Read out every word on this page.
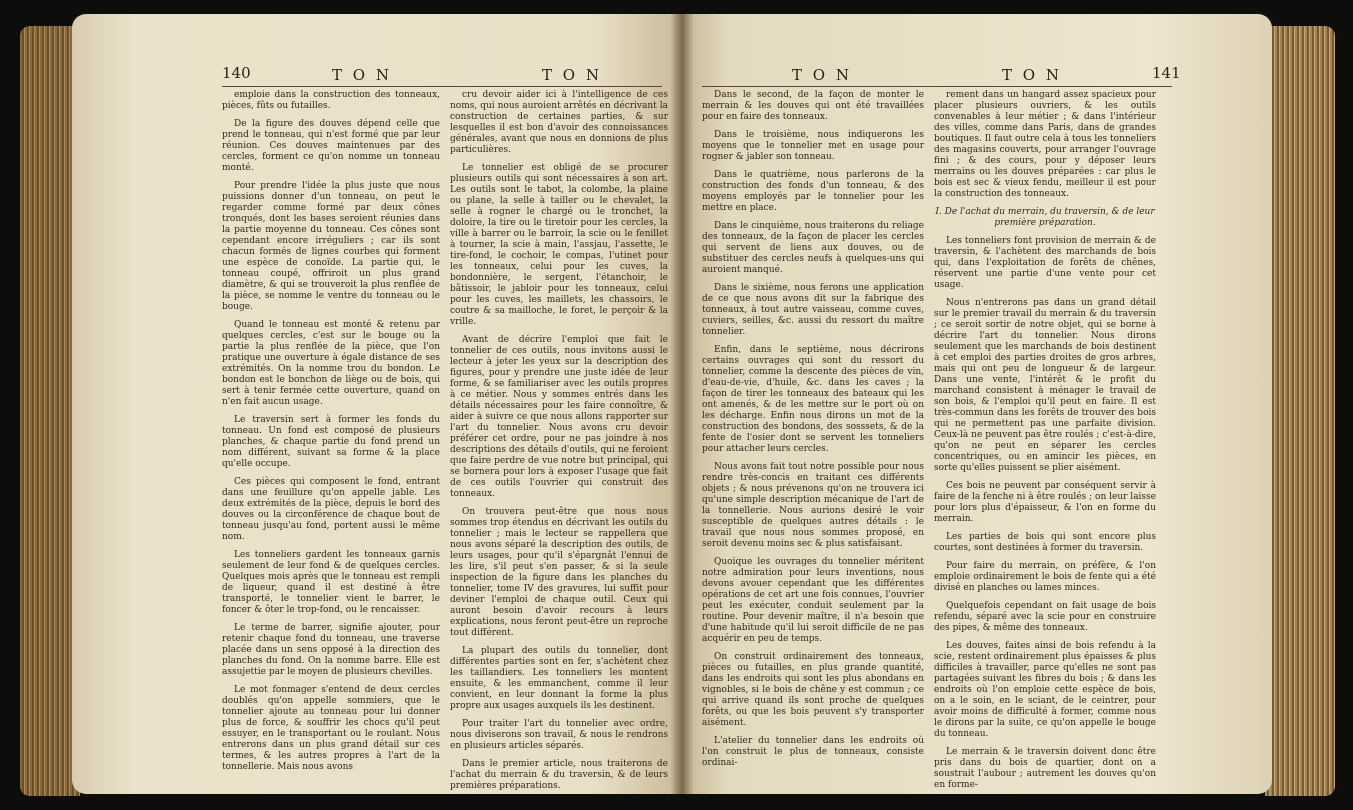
140	T O N	T O N

emploie dans la construction des tonneaux, pièces, fûts ou futailles.

De la figure des douves dépend celle que prend le tonneau, qui n'est formé que par leur réunion. Ces douves maintenues par des cercles, forment ce qu'on nomme un tonneau monté.

Pour prendre l'idée la plus juste que nous puissions donner d'un tonneau, on peut le regarder comme formé par deux cônes tronqués, dont les bases seroient réunies dans la partie moyenne du tonneau. Ces cônes sont cependant encore irréguliers ; car ils sont chacun formés de lignes courbes qui forment une espèce de conoïde. La partie qui, le tonneau coupé, offriroit un plus grand diamètre, & qui se trouveroit la plus renflée de la pièce, se nomme le ventre du tonneau ou le bouge.

Quand le tonneau est monté & retenu par quelques cercles, c'est sur le bouge ou la partie la plus renflée de la pièce, que l'on pratique une ouverture à égale distance de ses extrémités. On la nomme trou du bondon. Le bondon est le bonchon de liège ou de bois, qui sert à tenir fermée cette ouverture, quand on n'en fait aucun usage.

Le traversin sert à former les fonds du tonneau. Un fond est composé de plusieurs planches, & chaque partie du fond prend un nom différent, suivant sa forme & la place qu'elle occupe.

Ces pièces qui composent le fond, entrant dans une feuillure qu'on appelle jable. Les deux extrémités de la pièce, depuis le bord des douves ou la circonférence de chaque bout de tonneau jusqu'au fond, portent aussi le même nom.

Les tonneliers gardent les tonneaux garnis seulement de leur fond & de quelques cercles. Quelques mois après que le tonneau est rempli de liqueur, quand il est destiné à être transporté, le tonnelier vient le barrer, le foncer & ôter le trop-fond, ou le rencaisser.

Le terme de barrer, signifie ajouter, pour retenir chaque fond du tonneau, une traverse placée dans un sens opposé à la direction des planches du fond. On la nomme barre. Elle est assujettie par le moyen de plusieurs chevilles.

Le mot fonmager s'entend de deux cercles doublés qu'on appelle sommiers, que le tonnelier ajoute au tonneau pour lui donner plus de force, & souffrir les chocs qu'il peut essuyer, en le transportant ou le roulant. Nous entrerons dans un plus grand détail sur ces termes, & les autres propres à l'art de la tonnellerie. Mais nous avons

cru devoir aider ici à l'intelligence de ces noms, qui nous auroient arrêtés en décrivant la construction de certaines parties, & sur lesquelles il est bon d'avoir des connoissances générales, avant que nous en donnions de plus particulières.

Le tonnelier est obligé de se procurer plusieurs outils qui sont nécessaires à son art. Les outils sont le tabot, la colombe, la plaine ou plane, la selle à tailler ou le chevalet, la selle à rogner le chargé ou le tronchet, la doloire, la tire ou le tiretoir pour les cercles, la ville à barrer ou le barroir, la scie ou le fenillet à tourner, la scie à main, l'assjau, l'assette, le tire-fond, le cochoir, le compas, l'utinet pour les tonneaux, celui pour les cuves, la bondonnière, le sergent, l'étanchoir, le bâtissoir, le jabloir pour les tonneaux, celui pour les cuves, les maillets, les chassoirs, le coutre & sa mailloche, le foret, le perçoir & la vrille.

Avant de décrire l'emploi que fait le tonnelier de ces outils, nous invitons aussi le lecteur à jeter les yeux sur la description des figures, pour y prendre une juste idée de leur forme, & se familiariser avec les outils propres à ce métier. Nous y sommes entrés dans les détails nécessaires pour les faire connoître, & aider à suivre ce que nous allons rapporter sur l'art du tonnelier. Nous avons cru devoir préférer cet ordre, pour ne pas joindre à nos descriptions des détails d'outils, qui ne feroient que faire perdre de vue notre but principal, qui se bornera pour lors à exposer l'usage que fait de ces outils l'ouvrier qui construit des tonneaux.

On trouvera peut-être que nous nous sommes trop étendus en décrivant les outils du tonnelier ; mais le lecteur se rappellera que nous avons séparé la description des outils, de leurs usages, pour qu'il s'épargnât l'ennui de les lire, s'il peut s'en passer, & si la seule inspection de la figure dans les planches du tonnelier, tome IV des gravures, lui suffit pour deviner l'emploi de chaque outil. Ceux qui auront besoin d'avoir recours à leurs explications, nous feront peut-être un reproche tout différent.

La plupart des outils du tonnelier, dont différentes parties sont en fer, s'achètent chez les taillandiers. Les tonneliers les montent ensuite, & les emmanchent, comme il leur convient, en leur donnant la forme la plus propre aux usages auxquels ils les destinent.

Pour traiter l'art du tonnelier avec ordre, nous diviserons son travail, & nous le rendrons en plusieurs articles séparés.

Dans le premier article, nous traiterons de l'achat du merrain & du traversin, & de leurs premières préparations.

T O N	T O N	141

Dans le second, de la façon de monter le merrain & les douves qui ont été travaillées pour en faire des tonneaux.

Dans le troisième, nous indiquerons les moyens que le tonnelier met en usage pour rogner & jabler son tonneau.

Dans le quatrième, nous parlerons de la construction des fonds d'un tonneau, & des moyens employés par le tonnelier pour les mettre en place.

Dans le cinquième, nous traiterons du reliage des tonneaux, de la façon de placer les cercles qui servent de liens aux douves, ou de substituer des cercles neufs à quelques-uns qui auroient manqué.

Dans le sixième, nous ferons une application de ce que nous avons dit sur la fabrique des tonneaux, à tout autre vaisseau, comme cuves, cuviers, seilles, &c. aussi du ressort du maître tonnelier.

Enfin, dans le septième, nous décrirons certains ouvrages qui sont du ressort du tonnelier, comme la descente des pièces de vin, d'eau-de-vie, d'huile, &c. dans les caves ; la façon de tirer les tonneaux des bateaux qui les ont amenés, & de les mettre sur le port où on les décharge. Enfin nous dirons un mot de la construction des bondons, des sosssets, & de la fente de l'osier dont se servent les tonneliers pour attacher leurs cercles.

Nous avons fait tout notre possible pour nous rendre très-concis en traitant ces différents objets ; & nous prévenons qu'on ne trouvera ici qu'une simple description mécanique de l'art de la tonnellerie. Nous aurions desiré le voir susceptible de quelques autres détails : le travail que nous nous sommes proposé, en seroit devenu moins sec & plus satisfaisant.

Quoique les ouvrages du tonnelier méritent notre admiration pour leurs inventions, nous devons avouer cependant que les différentes opérations de cet art une fois connues, l'ouvrier peut les exécuter, conduit seulement par la routine. Pour devenir maître, il n'a besoin que d'une habitude qu'il lui seroit difficile de ne pas acquérir en peu de temps.

On construit ordinairement des tonneaux, pièces ou futailles, en plus grande quantité, dans les endroits qui sont les plus abondans en vignobles, si le bois de chêne y est commun ; ce qui arrive quand ils sont proche de quelques forêts, ou que les bois peuvent s'y transporter aisément.

L'atelier du tonnelier dans les endroits où l'on construit le plus de tonneaux, consiste ordinai-

rement dans un hangard assez spacieux pour placer plusieurs ouvriers, & les outils convenables à leur métier ; & dans l'intérieur des villes, comme dans Paris, dans de grandes boutiques. Il faut outre cela à tous les tonneliers des magasins couverts, pour arranger l'ouvrage fini ; & des cours, pour y déposer leurs merrains ou les douves préparées : car plus le bois est sec & vieux fendu, meilleur il est pour la construction des tonneaux.

I. De l'achat du merrain, du traversin, & de leur première préparation.

Les tonneliers font provision de merrain & de traversin, & l'achètent des marchands de bois qui, dans l'exploitation de forêts de chênes, réservent une partie d'une vente pour cet usage.

Nous n'entrerons pas dans un grand détail sur le premier travail du merrain & du traversin ; ce seroit sortir de notre objet, qui se borne à décrire l'art du tonnelier. Nous dirons seulement que les marchands de bois destinent à cet emploi des parties droites de gros arbres, mais qui ont peu de longueur & de largeur. Dans une vente, l'intérêt & le profit du marchand consistent à ménager le travail de son bois, & l'emploi qu'il peut en faire. Il est très-commun dans les forêts de trouver des bois qui ne permettent pas une parfaite division. Ceux-là ne peuvent pas être roulés ; c'est-à-dire, qu'on ne peut en séparer les cercles concentriques, ou en amincir les pièces, en sorte qu'elles puissent se plier aisément.

Ces bois ne peuvent par conséquent servir à faire de la fenche ni à être roulés ; on leur laisse pour lors plus d'épaisseur, & l'on en forme du merrain.

Les parties de bois qui sont encore plus courtes, sont destinées à former du traversin.

Pour faire du merrain, on préfère, & l'on emploie ordinairement le bois de fente qui a été divisé en planches ou lames minces.

Quelquefois cependant on fait usage de bois refendu, séparé avec la scie pour en construire des pipes, & même des tonneaux.

Les douves, faites ainsi de bois refendu à la scie, restent ordinairement plus épaisses & plus difficiles à travailler, parce qu'elles ne sont pas partagées suivant les fibres du bois ; & dans les endroits où l'on emploie cette espèce de bois, on a le soin, en le sciant, de le ceintrer, pour avoir moins de difficulté à former, comme nous le dirons par la suite, ce qu'on appelle le bouge du tonneau.

Le merrain & le traversin doivent donc être pris dans du bois de quartier, dont on a soustrait l'aubour ; autrement les douves qu'on en forme-
